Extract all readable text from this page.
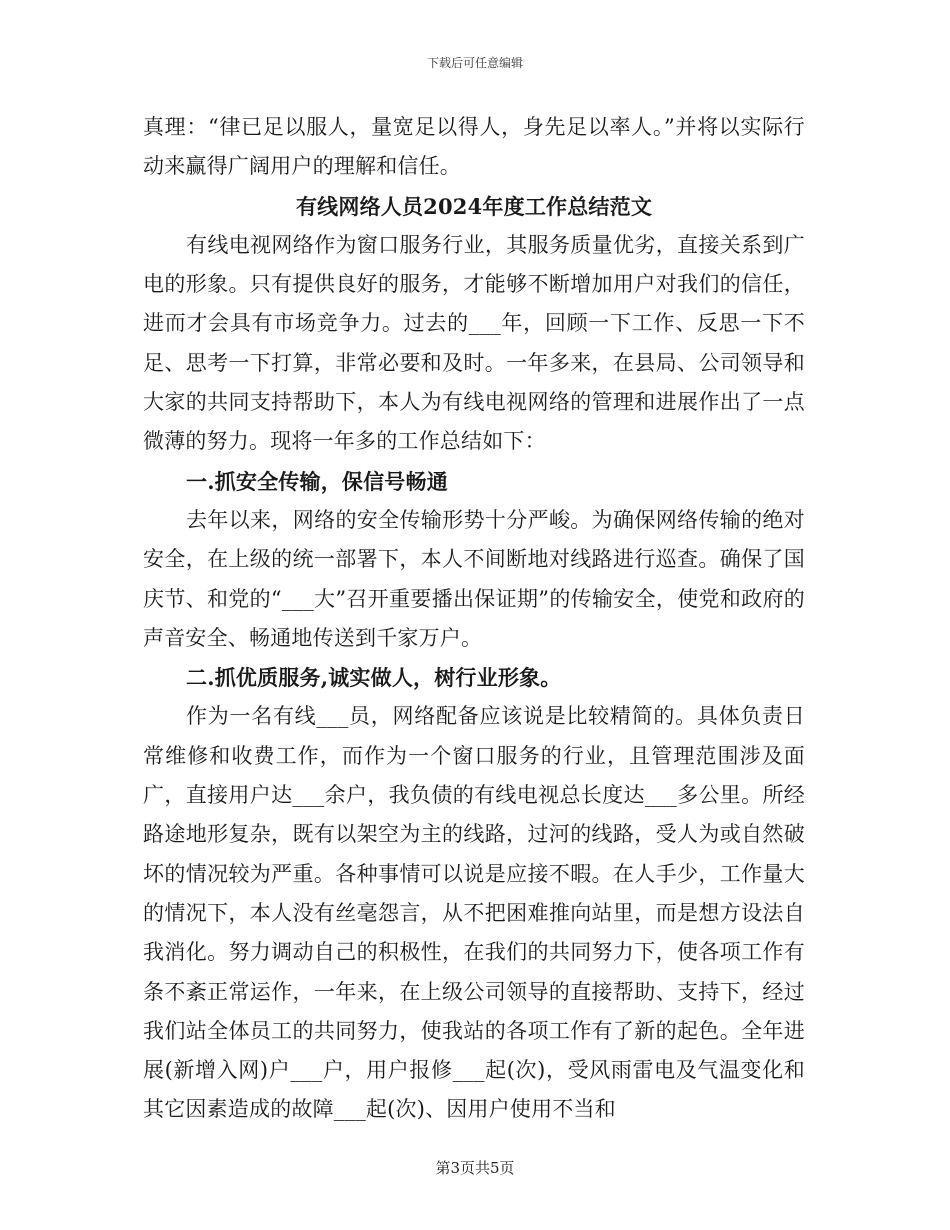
下载后可任意编辑

真理：“律已足以服人，量宽足以得人，身先足以率人。”并将以实际行动来赢得广阔用户的理解和信任。

有线网络人员2024年度工作总结范文

有线电视网络作为窗口服务行业，其服务质量优劣，直接关系到广电的形象。只有提供良好的服务，才能够不断增加用户对我们的信任，进而才会具有市场竞争力。过去的___年，回顾一下工作、反思一下不足、思考一下打算，非常必要和及时。一年多来，在县局、公司领导和大家的共同支持帮助下，本人为有线电视网络的管理和进展作出了一点微薄的努力。现将一年多的工作总结如下：

一.抓安全传输，保信号畅通

去年以来，网络的安全传输形势十分严峻。为确保网络传输的绝对安全，在上级的统一部署下，本人不间断地对线路进行巡查。确保了国庆节、和党的“___大”召开重要播出保证期”的传输安全，使党和政府的声音安全、畅通地传送到千家万户。

二.抓优质服务,诚实做人，树行业形象。

作为一名有线___员，网络配备应该说是比较精简的。具体负责日常维修和收费工作，而作为一个窗口服务的行业，且管理范围涉及面广，直接用户达___余户，我负债的有线电视总长度达___多公里。所经路途地形复杂，既有以架空为主的线路，过河的线路，受人为或自然破坏的情况较为严重。各种事情可以说是应接不暇。在人手少，工作量大的情况下，本人没有丝毫怨言，从不把困难推向站里，而是想方设法自我消化。努力调动自己的积极性，在我们的共同努力下，使各项工作有条不紊正常运作，一年来，在上级公司领导的直接帮助、支持下，经过我们站全体员工的共同努力，使我站的各项工作有了新的起色。全年进展(新增入网)户___户，用户报修___起(次)，受风雨雷电及气温变化和其它因素造成的故障___起(次)、因用户使用不当和

第3页共5页
